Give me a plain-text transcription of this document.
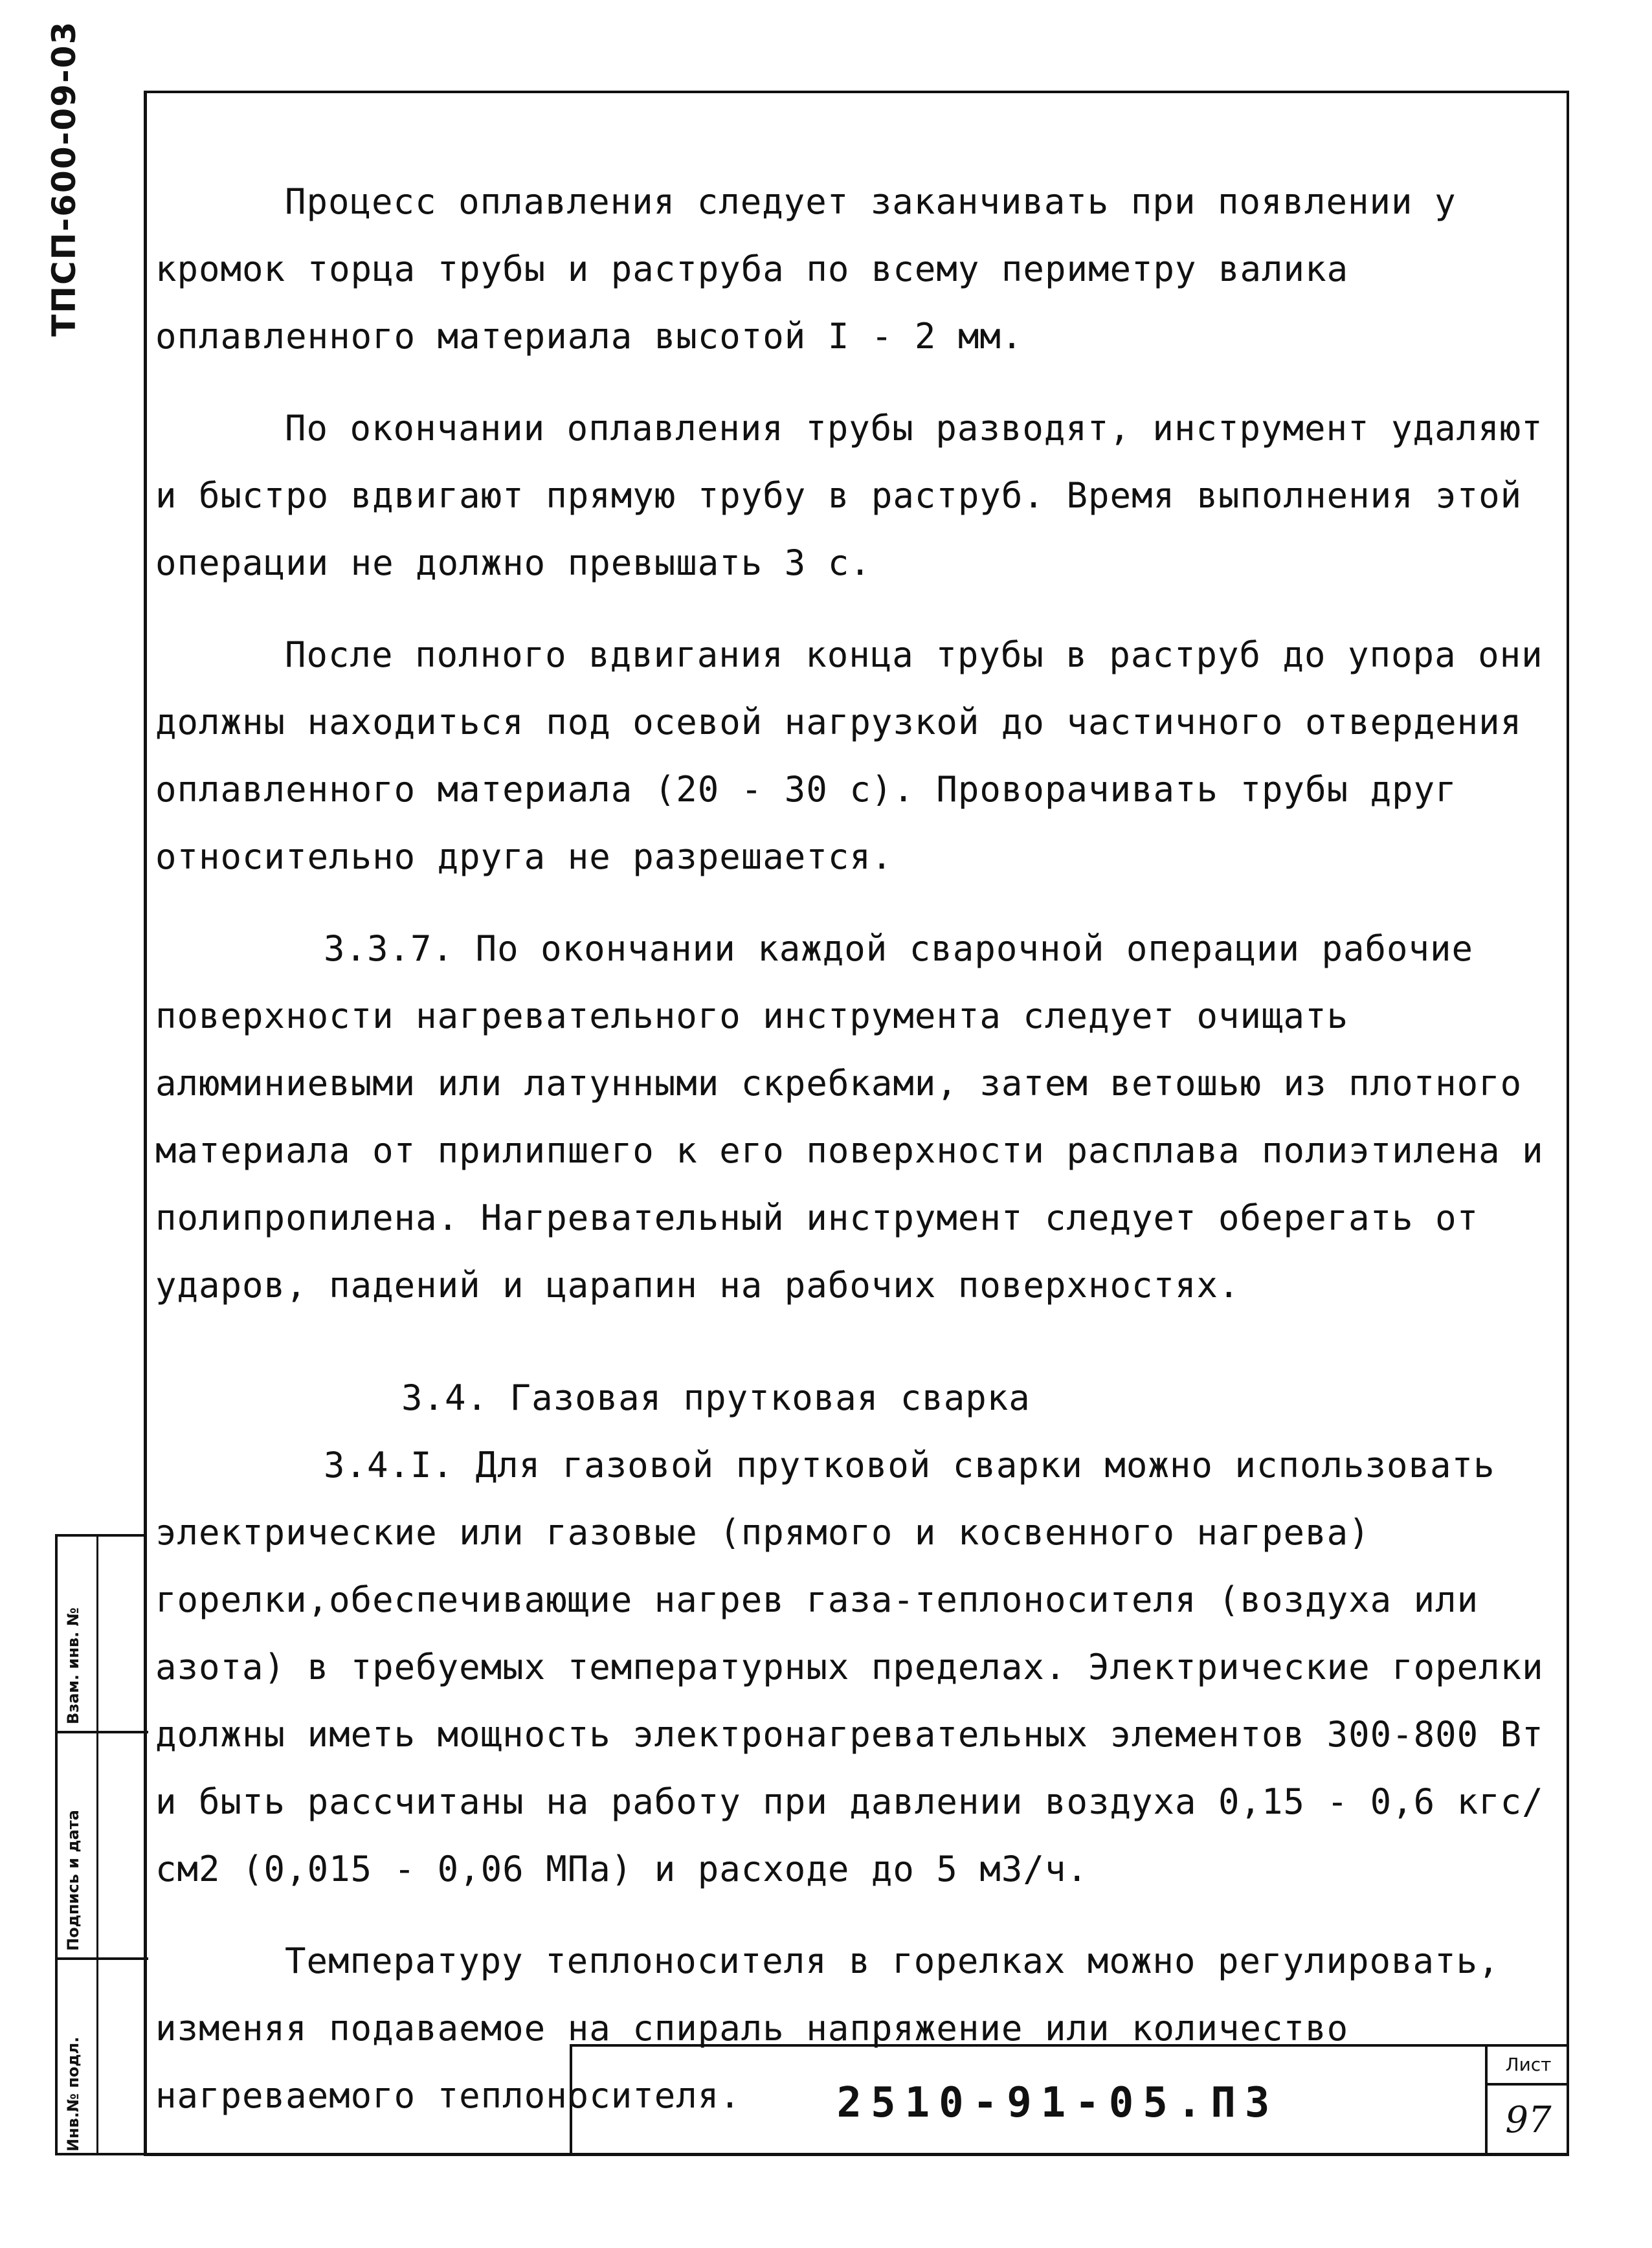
ТПСП-600-09-03
Взам. инв. №
Подпись и дата
Инв.№ подл.

Процесс оплавления следует заканчивать при появлении у кромок торца трубы и раструба по всему периметру валика оплавленного материала высотой I - 2 мм.

По окончании оплавления трубы разводят, инструмент удаляют и быстро вдвигают прямую трубу в раструб. Время выполнения этой операции не должно превышать 3 с.

После полного вдвигания конца трубы в раструб до упора они должны находиться под осевой нагрузкой до частичного отвердения оплавленного материала (20 - 30 с). Проворачивать трубы друг относительно друга не разрешается.

3.3.7. По окончании каждой сварочной операции рабочие поверхности нагревательного инструмента следует очищать алюминиевыми или латунными скребками, затем ветошью из плотного материала от прилипшего к его поверхности расплава полиэтилена и полипропилена. Нагревательный инструмент следует оберегать от ударов, падений и царапин на рабочих поверхностях.

3.4. Газовая прутковая сварка

3.4.I. Для газовой прутковой сварки можно использовать электрические или газовые (прямого и косвенного нагрева) горелки,обеспечивающие нагрев газа-теплоносителя (воздуха или азота) в требуемых температурных пределах. Электрические горелки должны иметь мощность электронагревательных элементов 300-800 Вт и быть рассчитаны на работу при давлении воздуха 0,15 - 0,6 кгс/см2 (0,015 - 0,06 МПа) и расходе до 5 м3/ч.

Температуру теплоносителя в горелках можно регулировать, изменяя подаваемое на спираль напряжение или количество нагреваемого теплоносителя.	2510-91-05.ПЗ
Лист
97
